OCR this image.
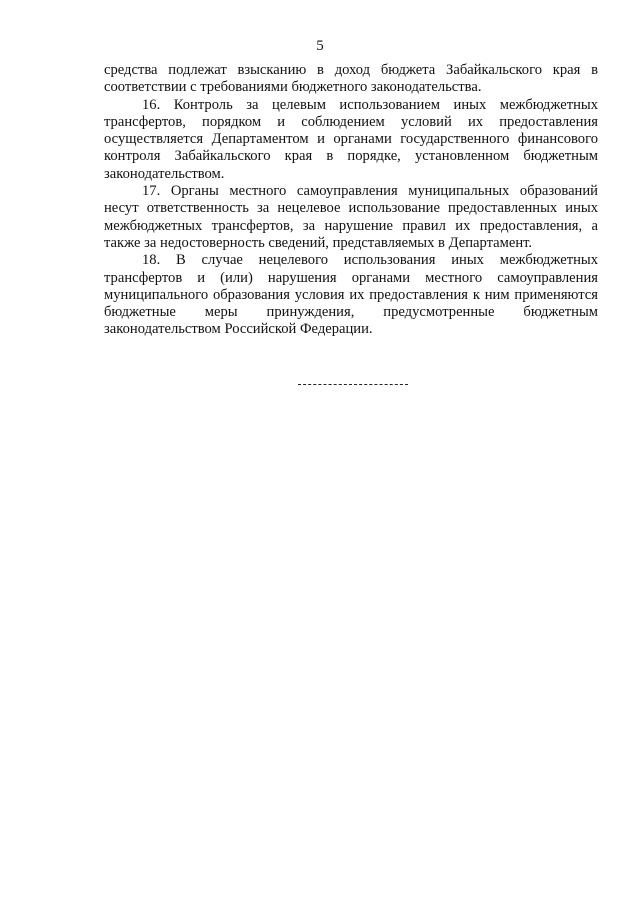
5

средства подлежат взысканию в доход бюджета Забайкальского края в соответствии с требованиями бюджетного законодательства.

16. Контроль за целевым использованием иных межбюджетных трансфертов, порядком и соблюдением условий их предоставления осуществляется Департаментом и органами государственного финансового контроля Забайкальского края в порядке, установленном бюджетным законодательством.

17. Органы местного самоуправления муниципальных образований несут ответственность за нецелевое использование предоставленных иных межбюджетных трансфертов, за нарушение правил их предоставления, а также за недостоверность сведений, представляемых в Департамент.

18. В случае нецелевого использования иных межбюджетных трансфертов и (или) нарушения органами местного самоуправления муниципального образования условия их предоставления к ним применяются бюджетные меры принуждения, предусмотренные бюджетным законодательством Российской Федерации.
